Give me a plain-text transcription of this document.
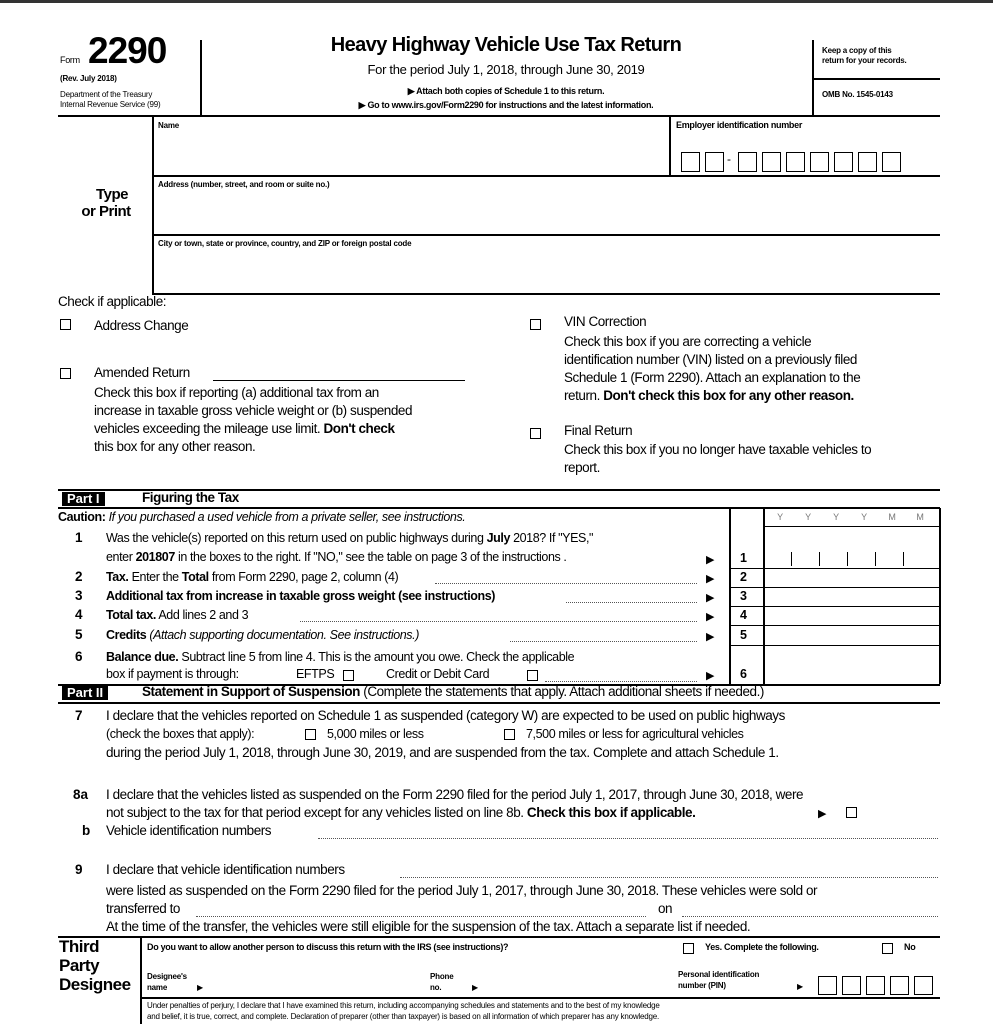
Form 2290
(Rev. July 2018)
Department of the Treasury
Internal Revenue Service (99)
Heavy Highway Vehicle Use Tax Return
For the period July 1, 2018, through June 30, 2019
▶ Attach both copies of Schedule 1 to this return.
▶ Go to www.irs.gov/Form2290 for instructions and the latest information.
Keep a copy of this
return for your records.
OMB No. 1545-0143
Type
or Print
Name	Employer identification number
-
Address (number, street, and room or suite no.)
City or town, state or province, country, and ZIP or foreign postal code
Check if applicable:
Address Change
Amended Return
Check this box if reporting (a) additional tax from an
increase in taxable gross vehicle weight or (b) suspended
vehicles exceeding the mileage use limit. Don't check
this box for any other reason.
VIN Correction
Check this box if you are correcting a vehicle
identification number (VIN) listed on a previously filed
Schedule 1 (Form 2290). Attach an explanation to the
return. Don't check this box for any other reason.
Final Return
Check this box if you no longer have taxable vehicles to
report.
Part I	Figuring the Tax
Caution: If you purchased a used vehicle from a private seller, see instructions.	Y	Y	Y	Y	M	M
1 Was the vehicle(s) reported on this return used on public highways during July 2018? If "YES,"
enter 201807 in the boxes to the right. If "NO," see the table on page 3 of the instructions .	▶ 1
2 Tax. Enter the Total from Form 2290, page 2, column (4)	▶ 2
3 Additional tax from increase in taxable gross weight (see instructions)	▶ 3
4 Total tax. Add lines 2 and 3	▶ 4
5 Credits (Attach supporting documentation. See instructions.)	▶ 5
6 Balance due. Subtract line 5 from line 4. This is the amount you owe. Check the applicable
box if payment is through:	EFTPS	Credit or Debit Card	▶ 6
Part II	Statement in Support of Suspension (Complete the statements that apply. Attach additional sheets if needed.)
7 I declare that the vehicles reported on Schedule 1 as suspended (category W) are expected to be used on public highways
(check the boxes that apply):	5,000 miles or less	7,500 miles or less for agricultural vehicles
during the period July 1, 2018, through June 30, 2019, and are suspended from the tax. Complete and attach Schedule 1.
8a I declare that the vehicles listed as suspended on the Form 2290 filed for the period July 1, 2017, through June 30, 2018, were
not subject to the tax for that period except for any vehicles listed on line 8b. Check this box if applicable.	▶
b Vehicle identification numbers
9 I declare that vehicle identification numbers
were listed as suspended on the Form 2290 filed for the period July 1, 2017, through June 30, 2018. These vehicles were sold or
transferred to	on
At the time of the transfer, the vehicles were still eligible for the suspension of the tax. Attach a separate list if needed.
Third
Party
Designee
Do you want to allow another person to discuss this return with the IRS (see instructions)?	Yes. Complete the following.	No
Designee's
name	▶
Phone
no.	▶
Personal identification
number (PIN)	▶
Under penalties of perjury, I declare that I have examined this return, including accompanying schedules and statements and to the best of my knowledge
and belief, it is true, correct, and complete. Declaration of preparer (other than taxpayer) is based on all information of which preparer has any knowledge.
